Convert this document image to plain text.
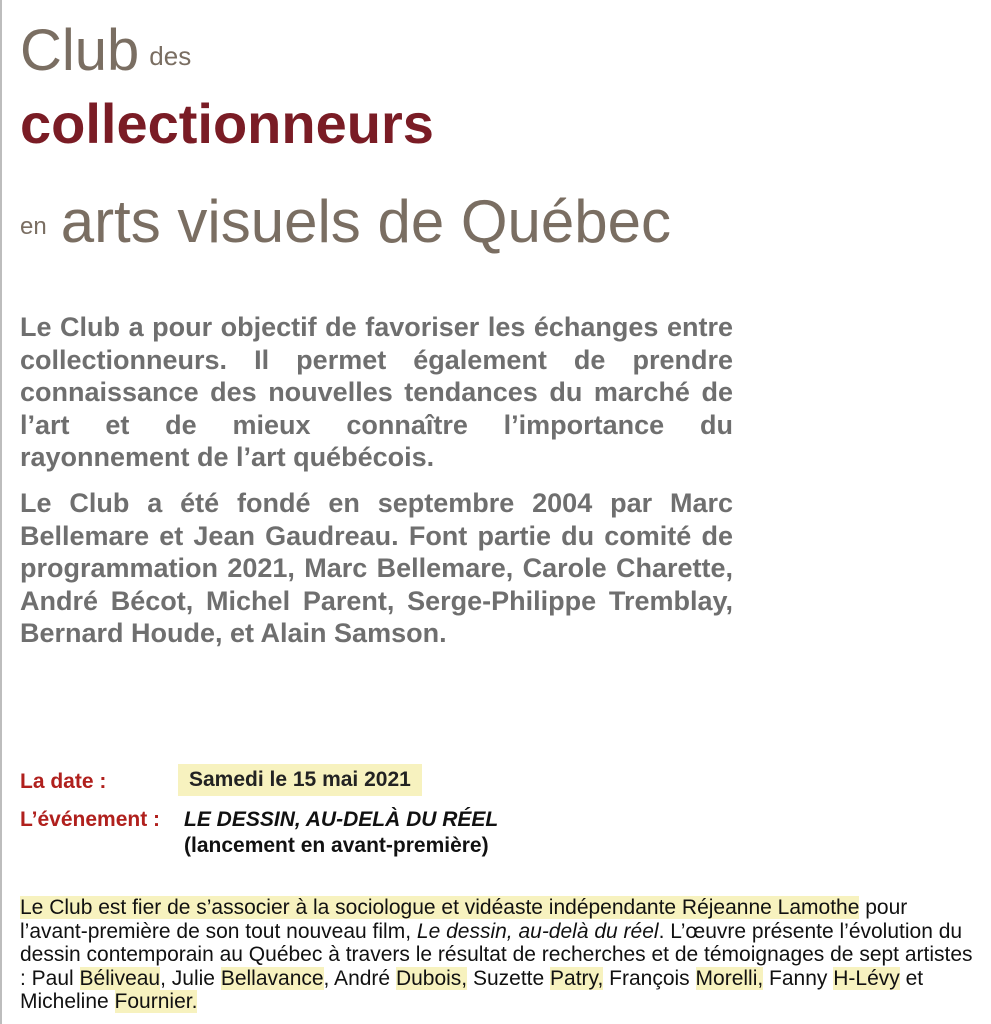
Club des
collectionneurs
en arts visuels de Québec

Le Club a pour objectif de favoriser les échanges entre collectionneurs. Il permet également de prendre connaissance des nouvelles tendances du marché de l’art et de mieux connaître l’importance du rayonnement de l’art québécois.

Le Club a été fondé en septembre 2004 par Marc Bellemare et Jean Gaudreau. Font partie du comité de programmation 2021, Marc Bellemare, Carole Charette, André Bécot, Michel Parent, Serge-Philippe Tremblay, Bernard Houde, et Alain Samson.

La date :	Samedi le 15 mai 2021
L’événement : LE DESSIN, AU-DELÀ DU RÉEL
(lancement en avant-première)

Le Club est fier de s’associer à la sociologue et vidéaste indépendante Réjeanne Lamothe pour l’avant-première de son tout nouveau film, Le dessin, au-delà du réel. L’œuvre présente l’évolution du dessin contemporain au Québec à travers le résultat de recherches et de témoignages de sept artistes : Paul Béliveau, Julie Bellavance, André Dubois, Suzette Patry, François Morelli, Fanny H-Lévy et Micheline Fournier.
